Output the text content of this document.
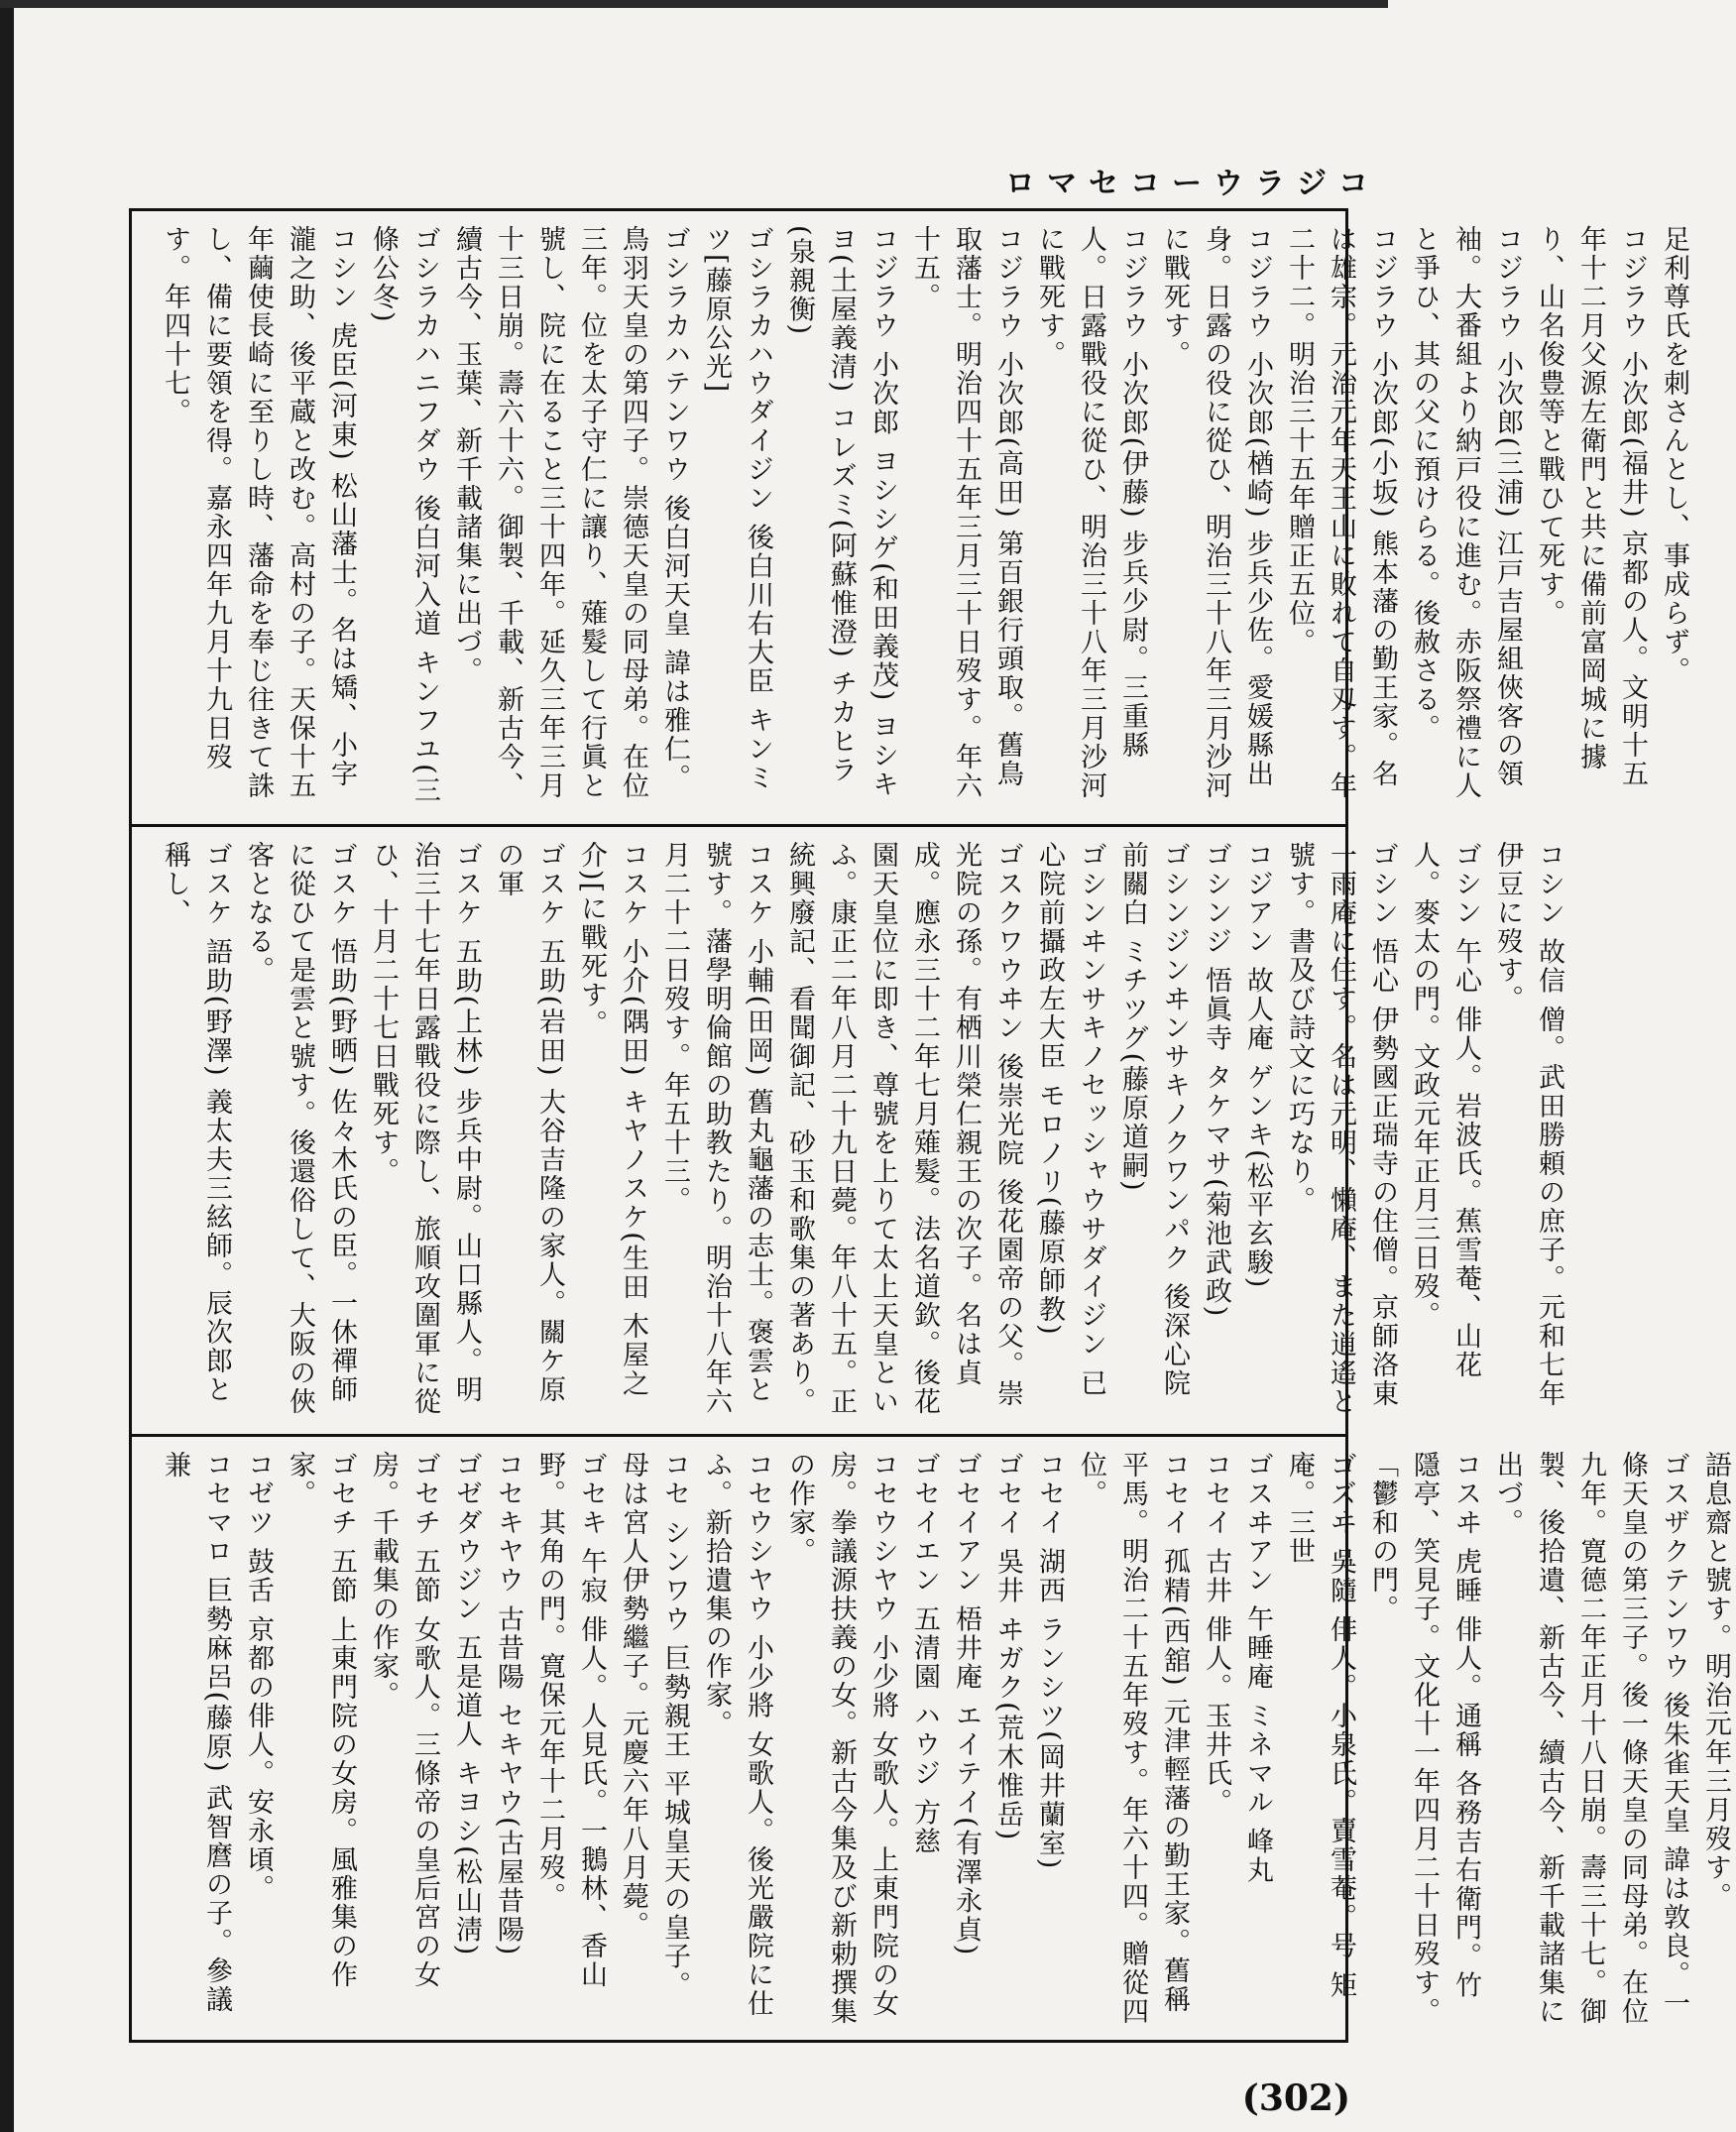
ロマセコーウラジコ

足利尊氏を刺さんとし、事成らず。

コジラウ 小次郎(福井) 京都の人。文明十五年十二月父源左衛門と共に備前富岡城に據り、山名俊豊等と戰ひて死す。

コジラウ 小次郎(三浦) 江戸吉屋組俠客の領袖。大番組より納戸役に進む。赤阪祭禮に人と爭ひ、其の父に預けらる。後赦さる。

コジラウ 小次郎(小坂) 熊本藩の勤王家。名は雄宗。元治元年天王山に敗れて自刄す。年二十二。明治三十五年贈正五位。

コジラウ 小次郎(楢崎) 步兵少佐。愛媛縣出身。日露の役に從ひ、明治三十八年三月沙河に戰死す。

コジラウ 小次郎(伊藤) 步兵少尉。三重縣人。日露戰役に從ひ、明治三十八年三月沙河に戰死す。

コジラウ 小次郎(高田) 第百銀行頭取。舊鳥取藩士。明治四十五年三月三十日歿す。年六十五。

コジラウ 小次郎 ヨシシゲ(和田義茂) ヨシキヨ(土屋義清) コレズミ(阿蘇惟澄) チカヒラ(泉親衡)

ゴシラカハウダイジン 後白川右大臣 キンミツ[藤原公光]

ゴシラカハテンワウ 後白河天皇 諱は雅仁。鳥羽天皇の第四子。崇德天皇の同母弟。在位三年。位を太子守仁に讓り、薙髮して行眞と號し、院に在ること三十四年。延久三年三月十三日崩。壽六十六。御製、千載、新古今、續古今、玉葉、新千載諸集に出づ。

ゴシラカハニフダウ 後白河入道 キンフユ(三條公冬)

コシン 虎臣(河東) 松山藩士。名は矯、小字瀧之助、後平蔵と改む。高村の子。天保十五年繭使長崎に至りし時、藩命を奉じ往きて誅し、備に要領を得。嘉永四年九月十九日歿す。年四十七。

コシン 故信 僧。武田勝頼の庶子。元和七年伊豆に歿す。

ゴシン 午心 俳人。岩波氏。蕉雪菴、山花人。麥太の門。文政元年正月三日歿。

ゴシン 悟心 伊勢國正瑞寺の住僧。京師洛東一雨庵に住す。名は元明、懶庵、また逍遙と號す。書及び詩文に巧なり。

コジアン 故人庵 ゲンキ(松平玄駿)

ゴシンジ 悟眞寺 タケマサ(菊池武政)

ゴシンジンヰンサキノクワンパク 後深心院前關白 ミチツグ(藤原道嗣)

ゴシンヰンサキノセッシャウサダイジン 已心院前攝政左大臣 モロノリ(藤原師教)

ゴスクワウヰン 後崇光院 後花園帝の父。崇光院の孫。有栖川榮仁親王の次子。名は貞成。應永三十二年七月薙髮。法名道欽。後花園天皇位に即き、尊號を上りて太上天皇といふ。康正二年八月二十九日薨。年八十五。正統興廢記、看聞御記、砂玉和歌集の著あり。

コスケ 小輔(田岡) 舊丸龜藩の志士。褒雲と號す。藩學明倫館の助教たり。明治十八年六月二十二日歿す。年五十三。

コスケ 小介(隅田) キヤノスケ(生田 木屋之介)[に戰死す。

ゴスケ 五助(岩田) 大谷吉隆の家人。關ケ原の軍

ゴスケ 五助(上林) 步兵中尉。山口縣人。明治三十七年日露戰役に際し、旅順攻圍軍に從ひ、十月二十七日戰死す。

ゴスケ 悟助(野晒) 佐々木氏の臣。一休禪師に從ひて是雲と號す。後還俗して、大阪の俠客となる。

ゴスケ 語助(野澤) 義太夫三絃師。辰次郎と稱し、

語息齋と號す。明治元年三月歿す。

ゴスザクテンワウ 後朱雀天皇 諱は敦良。一條天皇の第三子。後一條天皇の同母弟。在位九年。寛德二年正月十八日崩。壽三十七。御製、後拾遺、新古今、續古今、新千載諸集に出づ。

コスヰ 虎睡 俳人。通稱 各務吉右衛門。竹隱亭、笑見子。文化十一年四月二十日歿す。「鬱和の門。

ゴズヰ 吳隨 俳人。小泉氏。賣雪菴。号 矩庵。三世

ゴスヰアン 午睡庵 ミネマル 峰丸

コセイ 古井 俳人。玉井氏。

コセイ 孤精(西舘) 元津輕藩の勤王家。舊稱平馬。明治二十五年歿す。年六十四。贈從四位。

コセイ 湖西 ランシツ(岡井蘭室)

ゴセイ 吳井 ヰガク(荒木惟岳)

ゴセイアン 梧井庵 エイテイ(有澤永貞)

ゴセイエン 五清園 ハウジ 方慈

コセウシヤウ 小少將 女歌人。上東門院の女房。拳議源扶義の女。新古今集及び新勅撰集の作家。

コセウシヤウ 小少將 女歌人。後光嚴院に仕ふ。新拾遺集の作家。

コセ シンワウ 巨勢親王 平城皇天の皇子。母は宮人伊勢繼子。元慶六年八月薨。

ゴセキ 午寂 俳人。人見氏。一鵝林、香山野。其角の門。寛保元年十二月歿。

コセキヤウ 古昔陽 セキヤウ(古屋昔陽)

ゴゼダウジン 五是道人 キヨシ(松山淸)

ゴセチ 五節 女歌人。三條帝の皇后宮の女房。千載集の作家。

ゴセチ 五節 上東門院の女房。風雅集の作家。

コゼツ 鼓舌 京都の俳人。安永頃。

コセマロ 巨勢麻呂(藤原) 武智麿の子。參議兼

(302)
